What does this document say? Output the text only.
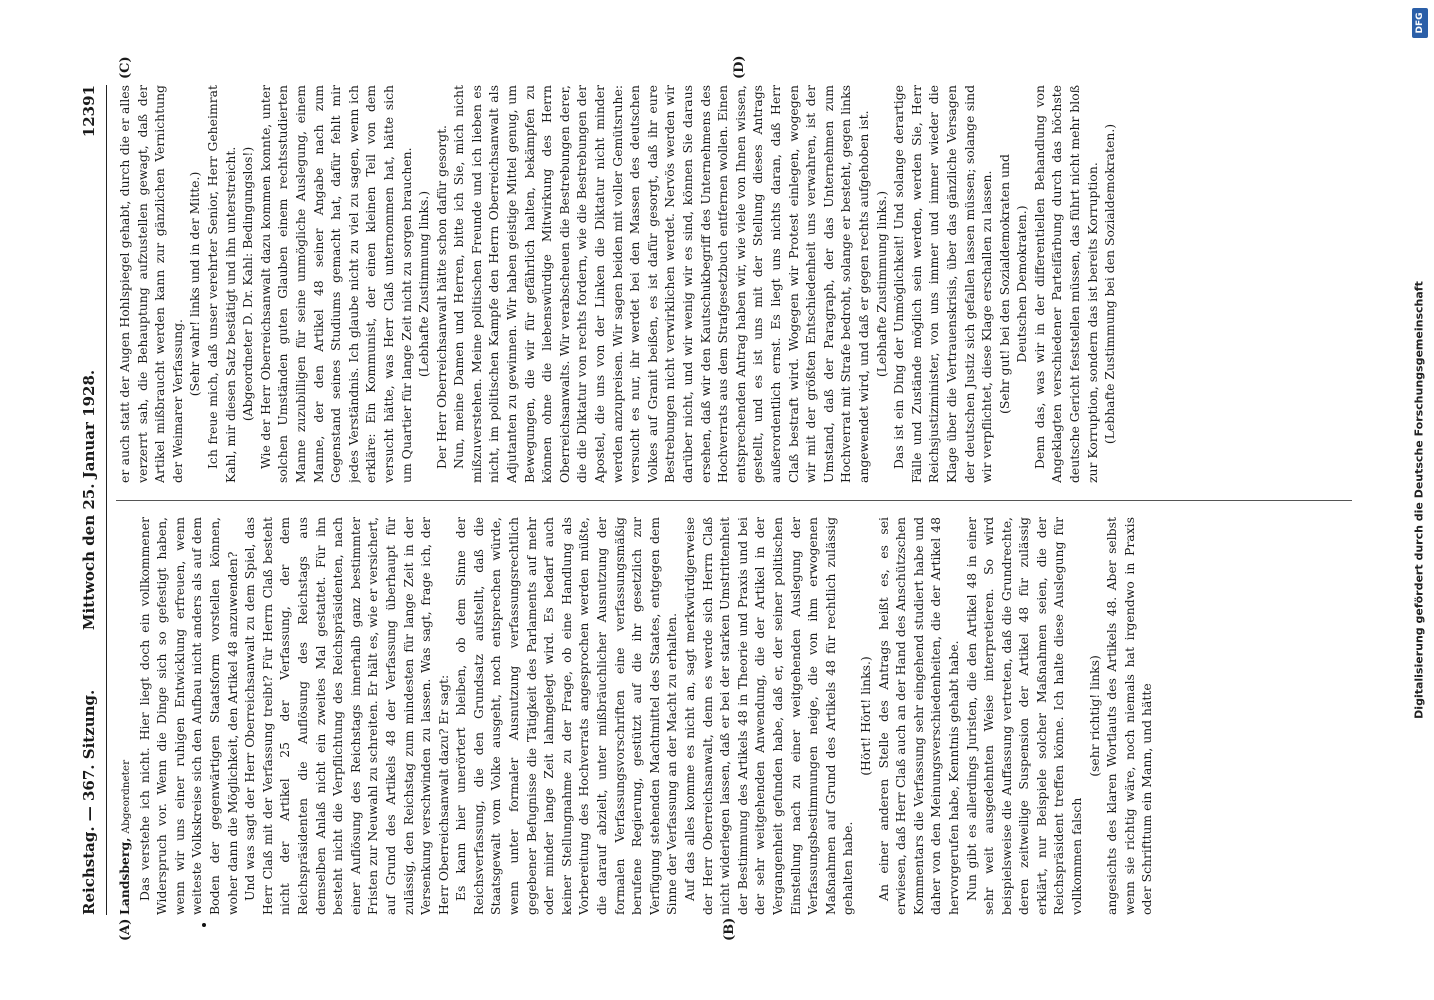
Reichstag. — 367. Sitzung.
Mittwoch den 25. Januar 1928.
12391
(A)	(B)
(C)	(D)

Landsberg, Abgeordneter Das verstehe ich nicht. Hier liegt doch ein vollkommener Widerspruch vor. Wenn die Dinge sich so gefestigt haben, wenn wir uns einer ruhigen Entwicklung erfreuen, wenn weiteste Volkskreise sich den Aufbau nicht anders als auf dem Boden der gegenwärtigen Staatsform vorstellen können, woher dann die Möglichkeit, den Artikel 48 anzuwenden? Und was sagt der Herr Oberreichsanwalt zu dem Spiel, das Herr Claß mit der Verfassung treibt? Für Herrn Claß besteht nicht der Artikel 25 der Verfassung, der dem Reichspräsidenten die Auflösung des Reichstags aus demselben Anlaß nicht ein zweites Mal gestattet. Für ihn besteht nicht die Verpflichtung des Reichspräsidenten, nach einer Auflösung des Reichstags innerhalb ganz bestimmter Fristen zur Neuwahl zu schreiten. Er hält es, wie er versichert, auf Grund des Artikels 48 der Verfassung überhaupt für zulässig, den Reichstag zum mindesten für lange Zeit in der Versenkung verschwinden zu lassen. Was sagt, frage ich, der Herr Oberreichsanwalt dazu? Er sagt: Es kann hier unerörtert bleiben, ob dem Sinne der Reichsverfassung, die den Grundsatz aufstellt, daß die Staatsgewalt vom Volke ausgeht, noch entsprechen würde, wenn unter formaler Ausnutzung verfassungsrechtlich gegebener Befugnisse die Tätigkeit des Parlaments auf mehr oder minder lange Zeit lahmgelegt wird. Es bedarf auch keiner Stellungnahme zu der Frage, ob eine Handlung als Vorbereitung des Hochverrats angesprochen werden müßte, die darauf abzielt, unter mißbräuchlicher Ausnutzung der formalen Verfassungsvorschriften eine verfassungsmäßig berufene Regierung, gestützt auf die ihr gesetzlich zur Verfügung stehenden Machtmittel des Staates, entgegen dem Sinne der Verfassung an der Macht zu erhalten. Auf das alles komme es nicht an, sagt merkwürdigerweise der Herr Oberreichsanwalt, denn es werde sich Herrn Claß nicht widerlegen lassen, daß er bei der starken Umstrittenheit der Bestimmung des Artikels 48 in Theorie und Praxis und bei der sehr weitgehenden Anwendung, die der Artikel in der Vergangenheit gefunden habe, daß er, der seiner politischen Einstellung nach zu einer weitgehenden Auslegung der Verfassungsbestimmungen neige, die von ihm erwogenen Maßnahmen auf Grund des Artikels 48 für rechtlich zulässig gehalten habe.

(Hört! Hört! links.) An einer anderen Stelle des Antrags heißt es, es sei erwiesen, daß Herr Claß auch an der Hand des Anschützschen Kommentars die Verfassung sehr eingehend studiert habe und daher von den Meinungsverschiedenheiten, die der Artikel 48 hervorgerufen habe, Kenntnis gehabt habe. Nun gibt es allerdings Juristen, die den Artikel 48 in einer sehr weit ausgedehnten Weise interpretieren. So wird beispielsweise die Auffassung vertreten, daß die Grundrechte, deren zeitweilige Suspension der Artikel 48 für zulässig erklärt, nur Beispiele solcher Maßnahmen seien, die der Reichspräsident treffen könne. Ich halte diese Auslegung für vollkommen falsch

(sehr richtig! links) angesichts des klaren Wortlauts des Artikels 48. Aber selbst wenn sie richtig wäre, noch niemals hat irgendwo in Praxis oder Schrifttum ein Mann, und hätte

er auch statt der Augen Hohlspiegel gehabt, durch die er alles verzerrt sah, die Behauptung aufzustellen gewagt, daß der Artikel mißbraucht werden kann zur gänzlichen Vernichtung der Weimarer Verfassung.

(Sehr wahr! links und in der Mitte.) Ich freue mich, daß unser verehrter Senior, Herr Geheimrat Kahl, mir diesen Satz bestätigt und ihn unterstreicht. (Abgeordneter D. Dr. Kahl: Bedingungslos!) Wie der Herr Oberreichsanwalt dazu kommen konnte, unter solchen Umständen guten Glauben einem rechtsstudierten Manne zuzubilligen für seine unmögliche Auslegung, einem Manne, der den Artikel 48 seiner Angabe nach zum Gegenstand seines Studiums gemacht hat, dafür fehlt mir jedes Verständnis. Ich glaube nicht zu viel zu sagen, wenn ich erkläre: Ein Kommunist, der einen kleinen Teil von dem versucht hätte, was Herr Claß unternommen hat, hätte sich um Quartier für lange Zeit nicht zu sorgen brauchen. (Lebhafte Zustimmung links.) Der Herr Oberreichsanwalt hätte schon dafür gesorgt. Nun, meine Damen und Herren, bitte ich Sie, mich nicht mißzuverstehen. Meine politischen Freunde und ich lieben es nicht, im politischen Kampfe den Herrn Oberreichsanwalt als Adjutanten zu gewinnen. Wir haben geistige Mittel genug, um Bewegungen, die wir für gefährlich halten, bekämpfen zu können ohne die liebenswürdige Mitwirkung des Herrn Oberreichsanwalts. Wir verabscheuen die Bestrebungen derer, die die Diktatur von rechts fordern, wie die Bestrebungen der Apostel, die uns von der Linken die Diktatur nicht minder werden anzupreisen. Wir sagen beiden mit voller Gemütsruhe: versucht es nur, ihr werdet bei den Massen des deutschen Volkes auf Granit beißen, es ist dafür gesorgt, daß ihr eure Bestrebungen nicht verwirklichen werdet. Nervös werden wir darüber nicht, und wir wenig wir es sind, können Sie daraus ersehen, daß wir den Kautschukbegriff des Unternehmens des Hochverrats aus dem Strafgesetzbuch entfernen wollen. Einen entsprechenden Antrag haben wir, wie viele von Ihnen wissen, gestellt, und es ist uns mit der Stellung dieses Antrags außerordentlich ernst. Es liegt uns nichts daran, daß Herr Claß bestraft wird. Wogegen wir Protest einlegen, wogegen wir mit der größten Entschiedenheit uns verwahren, ist der Umstand, daß der Paragraph, der das Unternehmen zum Hochverrat mit Strafe bedroht, solange er besteht, gegen links angewendet wird, und daß er gegen rechts aufgehoben ist. (Lebhafte Zustimmung links.) Das ist ein Ding der Unmöglichkeit! Und solange derartige Fälle und Zustände möglich sein werden, werden Sie, Herr Reichsjustizminister, von uns immer und immer wieder die Klage über die Vertrauenskrisis, über das gänzliche Versagen der deutschen Justiz sich gefallen lassen müssen; solange sind wir verpflichtet, diese Klage erschallen zu lassen. (Sehr gut! bei den Sozialdemokraten und Deutschen Demokraten.) Denn das, was wir in der differentiellen Behandlung von Angeklagten verschiedener Parteifärbung durch das höchste deutsche Gericht feststellen müssen, das führt nicht mehr bloß zur Korruption, sondern das ist bereits Korruption. (Lebhafte Zustimmung bei den Sozialdemokraten.)

DFG
Digitalisierung gefördert durch die Deutsche Forschungsgemeinschaft
